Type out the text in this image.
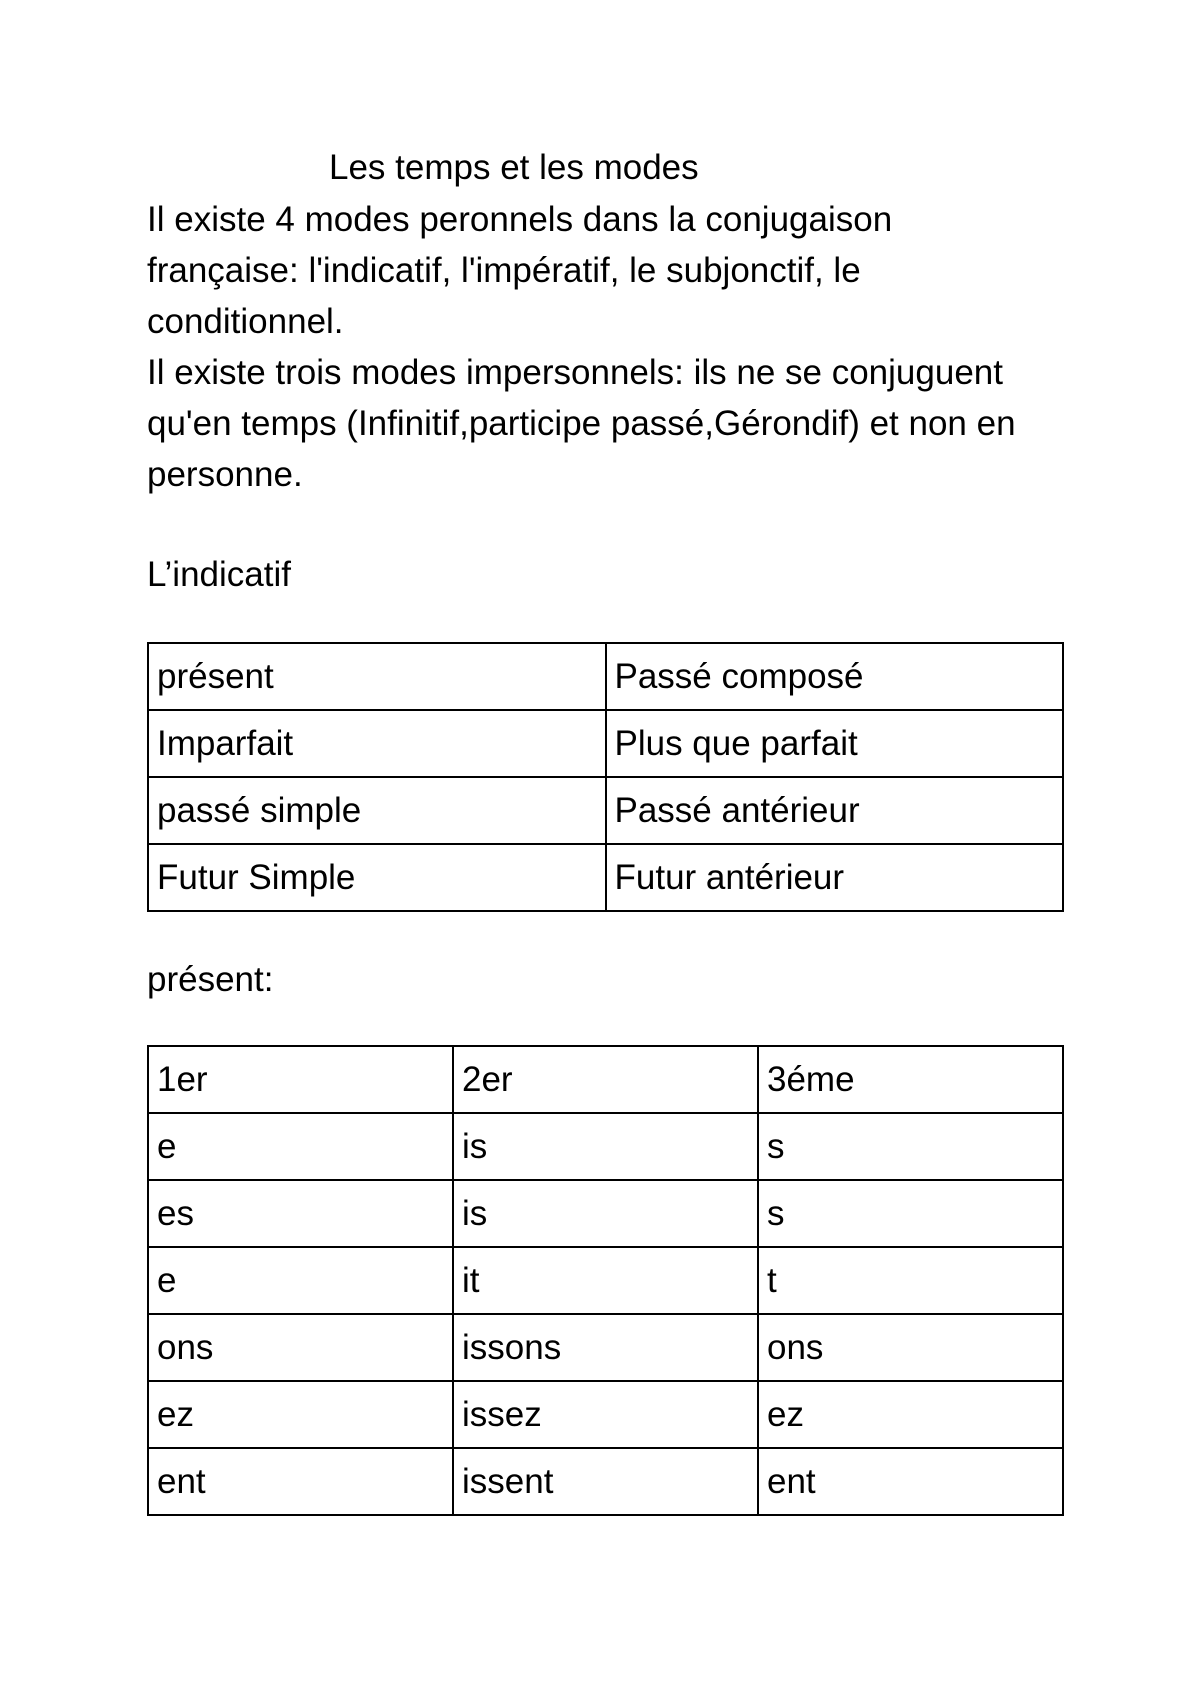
Les temps et les modes

Il existe 4 modes peronnels dans la conjugaison française: l'indicatif, l'impératif, le subjonctif, le conditionnel.

Il existe trois modes impersonnels: ils ne se conjuguent qu'en temps (Infinitif,participe passé,Gérondif) et non en personne.

L’indicatif

présent	Passé composé
Imparfait	Plus que parfait
passé simple	Passé antérieur
Futur Simple	Futur antérieur

présent:

1er	2er	3éme
e	is	s
es	is	s
e	it	t
ons	issons	ons
ez	issez	ez
ent	issent	ent
